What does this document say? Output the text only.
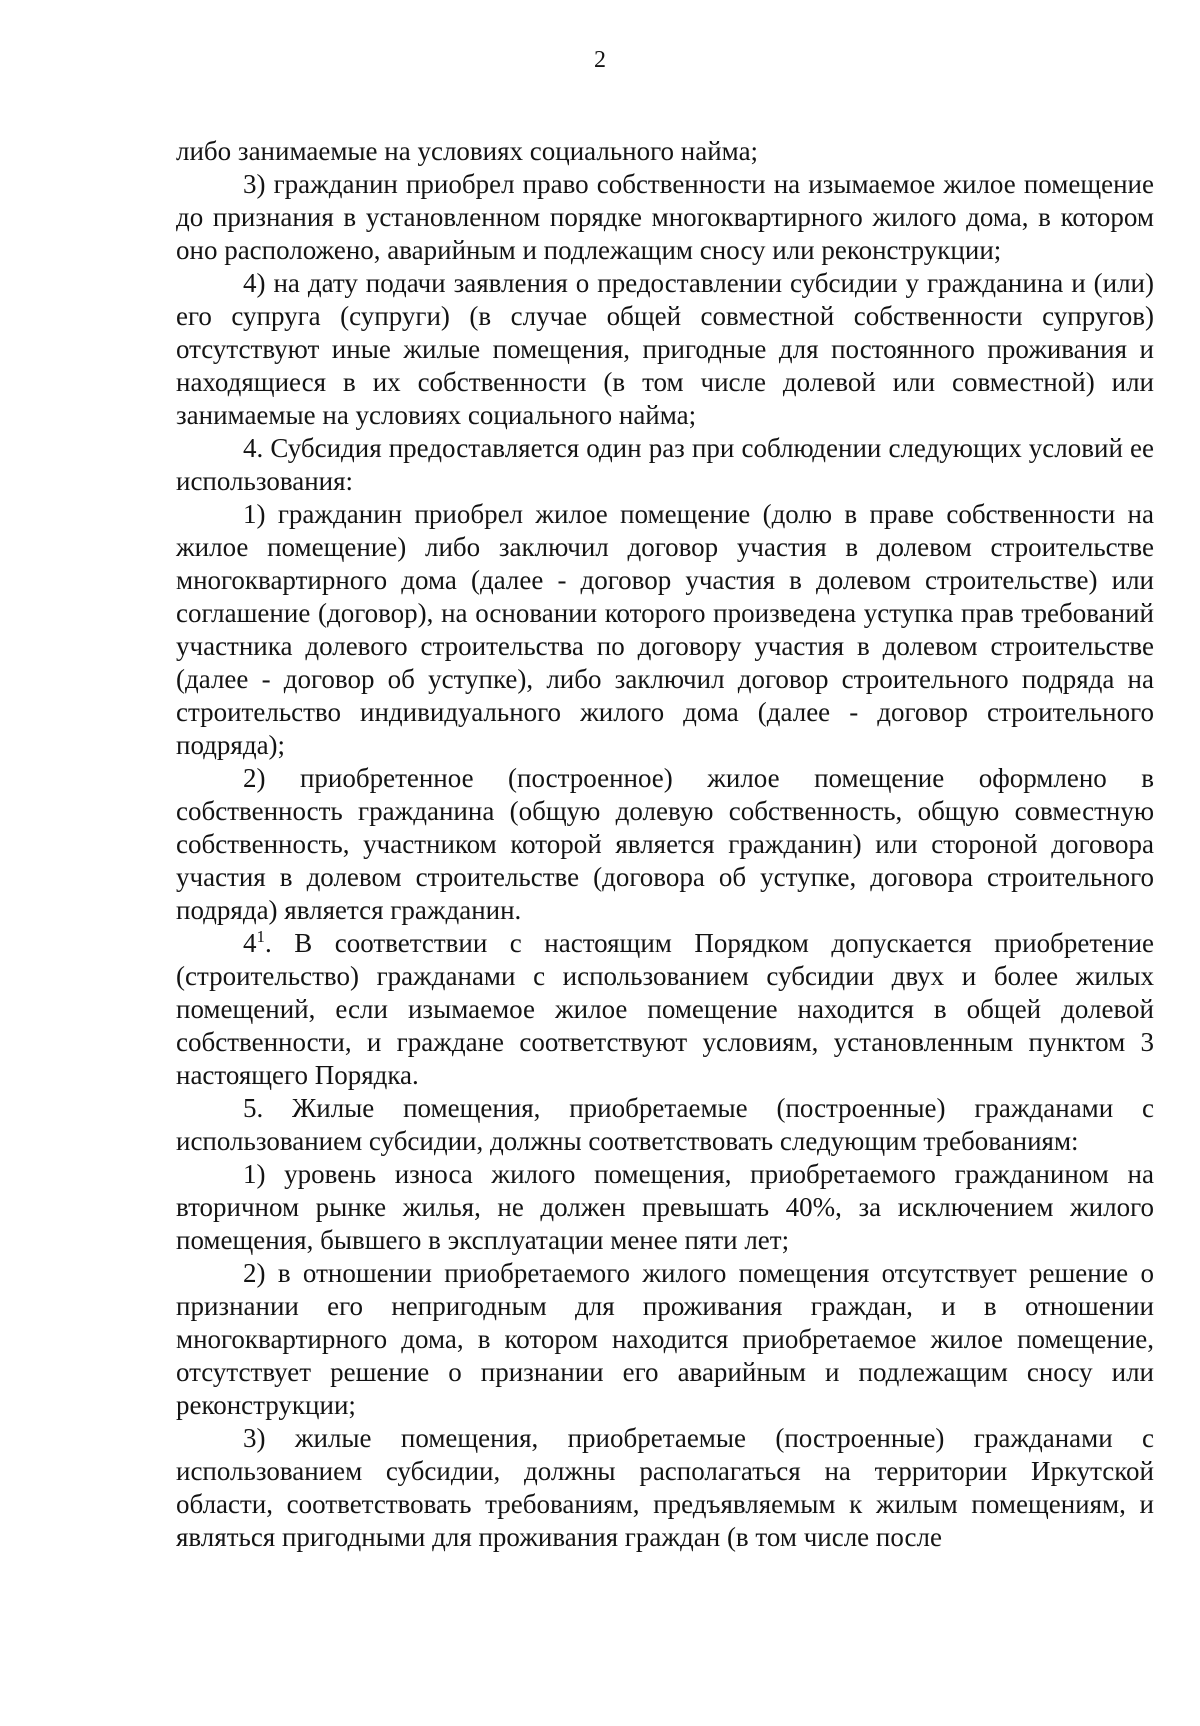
2

либо занимаемые на условиях социального найма;

3) гражданин приобрел право собственности на изымаемое жилое помещение до признания в установленном порядке многоквартирного жилого дома, в котором оно расположено, аварийным и подлежащим сносу или реконструкции;

4) на дату подачи заявления о предоставлении субсидии у гражданина и (или) его супруга (супруги) (в случае общей совместной собственности супругов) отсутствуют иные жилые помещения, пригодные для постоянного проживания и находящиеся в их собственности (в том числе долевой или совместной) или занимаемые на условиях социального найма;

4. Субсидия предоставляется один раз при соблюдении следующих условий ее использования:

1) гражданин приобрел жилое помещение (долю в праве собственности на жилое помещение) либо заключил договор участия в долевом строительстве многоквартирного дома (далее - договор участия в долевом строительстве) или соглашение (договор), на основании которого произведена уступка прав требований участника долевого строительства по договору участия в долевом строительстве (далее - договор об уступке), либо заключил договор строительного подряда на строительство индивидуального жилого дома (далее - договор строительного подряда);

2) приобретенное (построенное) жилое помещение оформлено в собственность гражданина (общую долевую собственность, общую совместную собственность, участником которой является гражданин) или стороной договора участия в долевом строительстве (договора об уступке, договора строительного подряда) является гражданин.

$4^1$. В соответствии с настоящим Порядком допускается приобретение (строительство) гражданами с использованием субсидии двух и более жилых помещений, если изымаемое жилое помещение находится в общей долевой собственности, и граждане соответствуют условиям, установленным пунктом 3 настоящего Порядка.

5. Жилые помещения, приобретаемые (построенные) гражданами с использованием субсидии, должны соответствовать следующим требованиям:

1) уровень износа жилого помещения, приобретаемого гражданином на вторичном рынке жилья, не должен превышать 40%, за исключением жилого помещения, бывшего в эксплуатации менее пяти лет;

2) в отношении приобретаемого жилого помещения отсутствует решение о признании его непригодным для проживания граждан, и в отношении многоквартирного дома, в котором находится приобретаемое жилое помещение, отсутствует решение о признании его аварийным и подлежащим сносу или реконструкции;

3) жилые помещения, приобретаемые (построенные) гражданами с использованием субсидии, должны располагаться на территории Иркутской области, соответствовать требованиям, предъявляемым к жилым помещениям, и являться пригодными для проживания граждан (в том числе после
